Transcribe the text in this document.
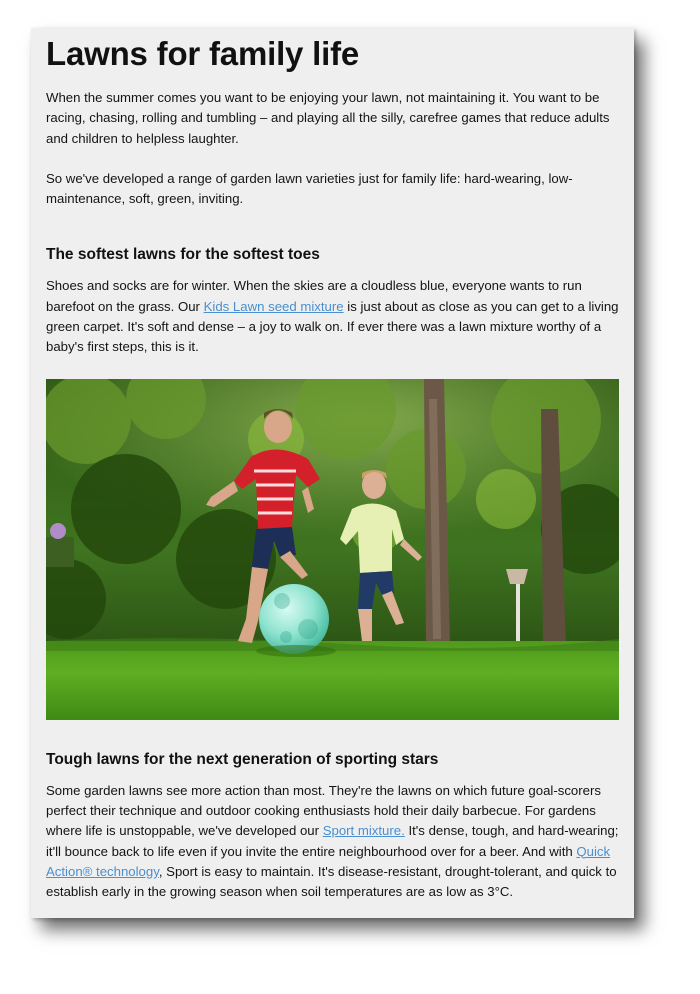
Lawns for family life

When the summer comes you want to be enjoying your lawn, not maintaining it. You want to be racing, chasing, rolling and tumbling – and playing all the silly, carefree games that reduce adults and children to helpless laughter.

So we've developed a range of garden lawn varieties just for family life: hard-wearing, low-maintenance, soft, green, inviting.

The softest lawns for the softest toes

Shoes and socks are for winter. When the skies are a cloudless blue, everyone wants to run barefoot on the grass. Our Kids Lawn seed mixture is just about as close as you can get to a living green carpet. It's soft and dense – a joy to walk on. If ever there was a lawn mixture worthy of a baby's first steps, this is it.

Tough lawns for the next generation of sporting stars

Some garden lawns see more action than most. They're the lawns on which future goal-scorers perfect their technique and outdoor cooking enthusiasts hold their daily barbecue. For gardens where life is unstoppable, we've developed our Sport mixture. It's dense, tough, and hard-wearing; it'll bounce back to life even if you invite the entire neighbourhood over for a beer. And with Quick Action® technology, Sport is easy to maintain. It's disease-resistant, drought-tolerant, and quick to establish early in the growing season when soil temperatures are as low as 3°C.
